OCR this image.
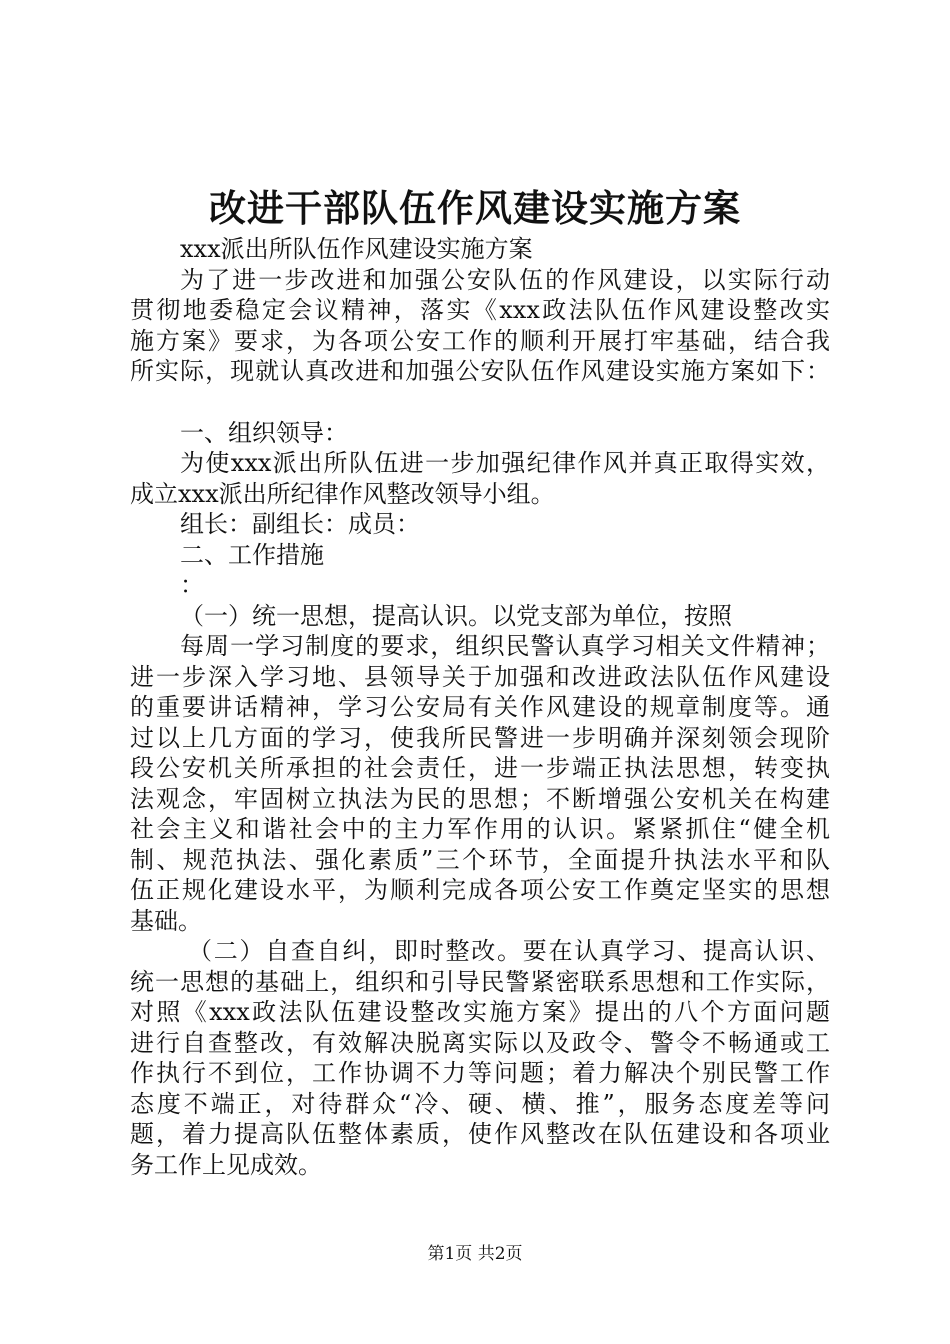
改进干部队伍作风建设实施方案
xxx派出所队伍作风建设实施方案
为了进一步改进和加强公安队伍的作风建设，以实际行动
贯彻地委稳定会议精神，落实《xxx政法队伍作风建设整改实
施方案》要求，为各项公安工作的顺利开展打牢基础，结合我
所实际，现就认真改进和加强公安队伍作风建设实施方案如下：
一、组织领导：
为使xxx派出所队伍进一步加强纪律作风并真正取得实效，
成立xxx派出所纪律作风整改领导小组。
组长：副组长：成员：
二、工作措施
：
（一）统一思想，提高认识。以党支部为单位，按照
每周一学习制度的要求，组织民警认真学习相关文件精神；
进一步深入学习地、县领导关于加强和改进政法队伍作风建设
的重要讲话精神，学习公安局有关作风建设的规章制度等。通
过以上几方面的学习，使我所民警进一步明确并深刻领会现阶
段公安机关所承担的社会责任，进一步端正执法思想，转变执
法观念，牢固树立执法为民的思想；不断增强公安机关在构建
社会主义和谐社会中的主力军作用的认识。紧紧抓住“健全机
制、规范执法、强化素质”三个环节，全面提升执法水平和队
伍正规化建设水平，为顺利完成各项公安工作奠定坚实的思想
基础。
（二）自查自纠，即时整改。要在认真学习、提高认识、
统一思想的基础上，组织和引导民警紧密联系思想和工作实际，
对照《xxx政法队伍建设整改实施方案》提出的八个方面问题
进行自查整改，有效解决脱离实际以及政令、警令不畅通或工
作执行不到位，工作协调不力等问题；着力解决个别民警工作
态度不端正，对待群众“冷、硬、横、推”，服务态度差等问
题，着力提高队伍整体素质，使作风整改在队伍建设和各项业
务工作上见成效。
第1页 共2页
